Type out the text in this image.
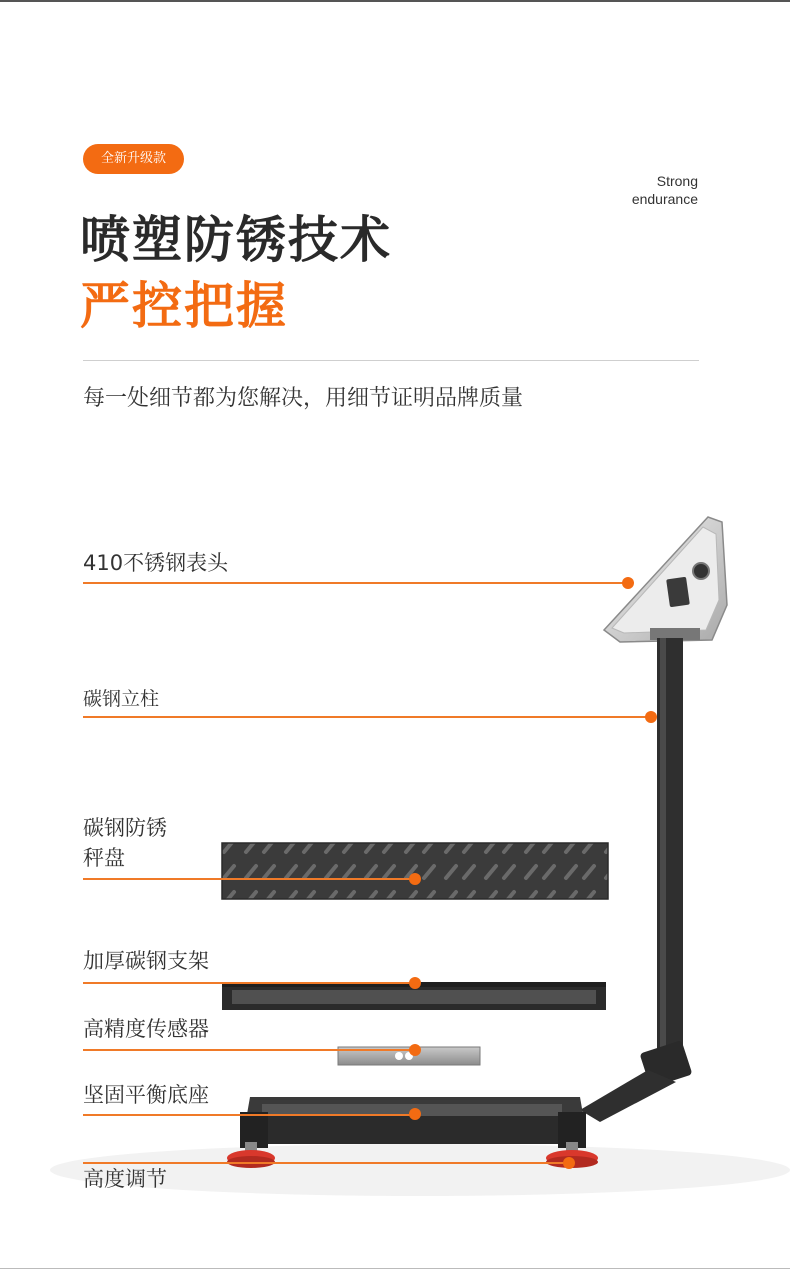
全新升级款
Strong
endurance
喷塑防锈技术
严控把握
每一处细节都为您解决，用细节证明品牌质量
410不锈钢表头
碳钢立柱
碳钢防锈
秤盘
加厚碳钢支架
高精度传感器
坚固平衡底座
高度调节
